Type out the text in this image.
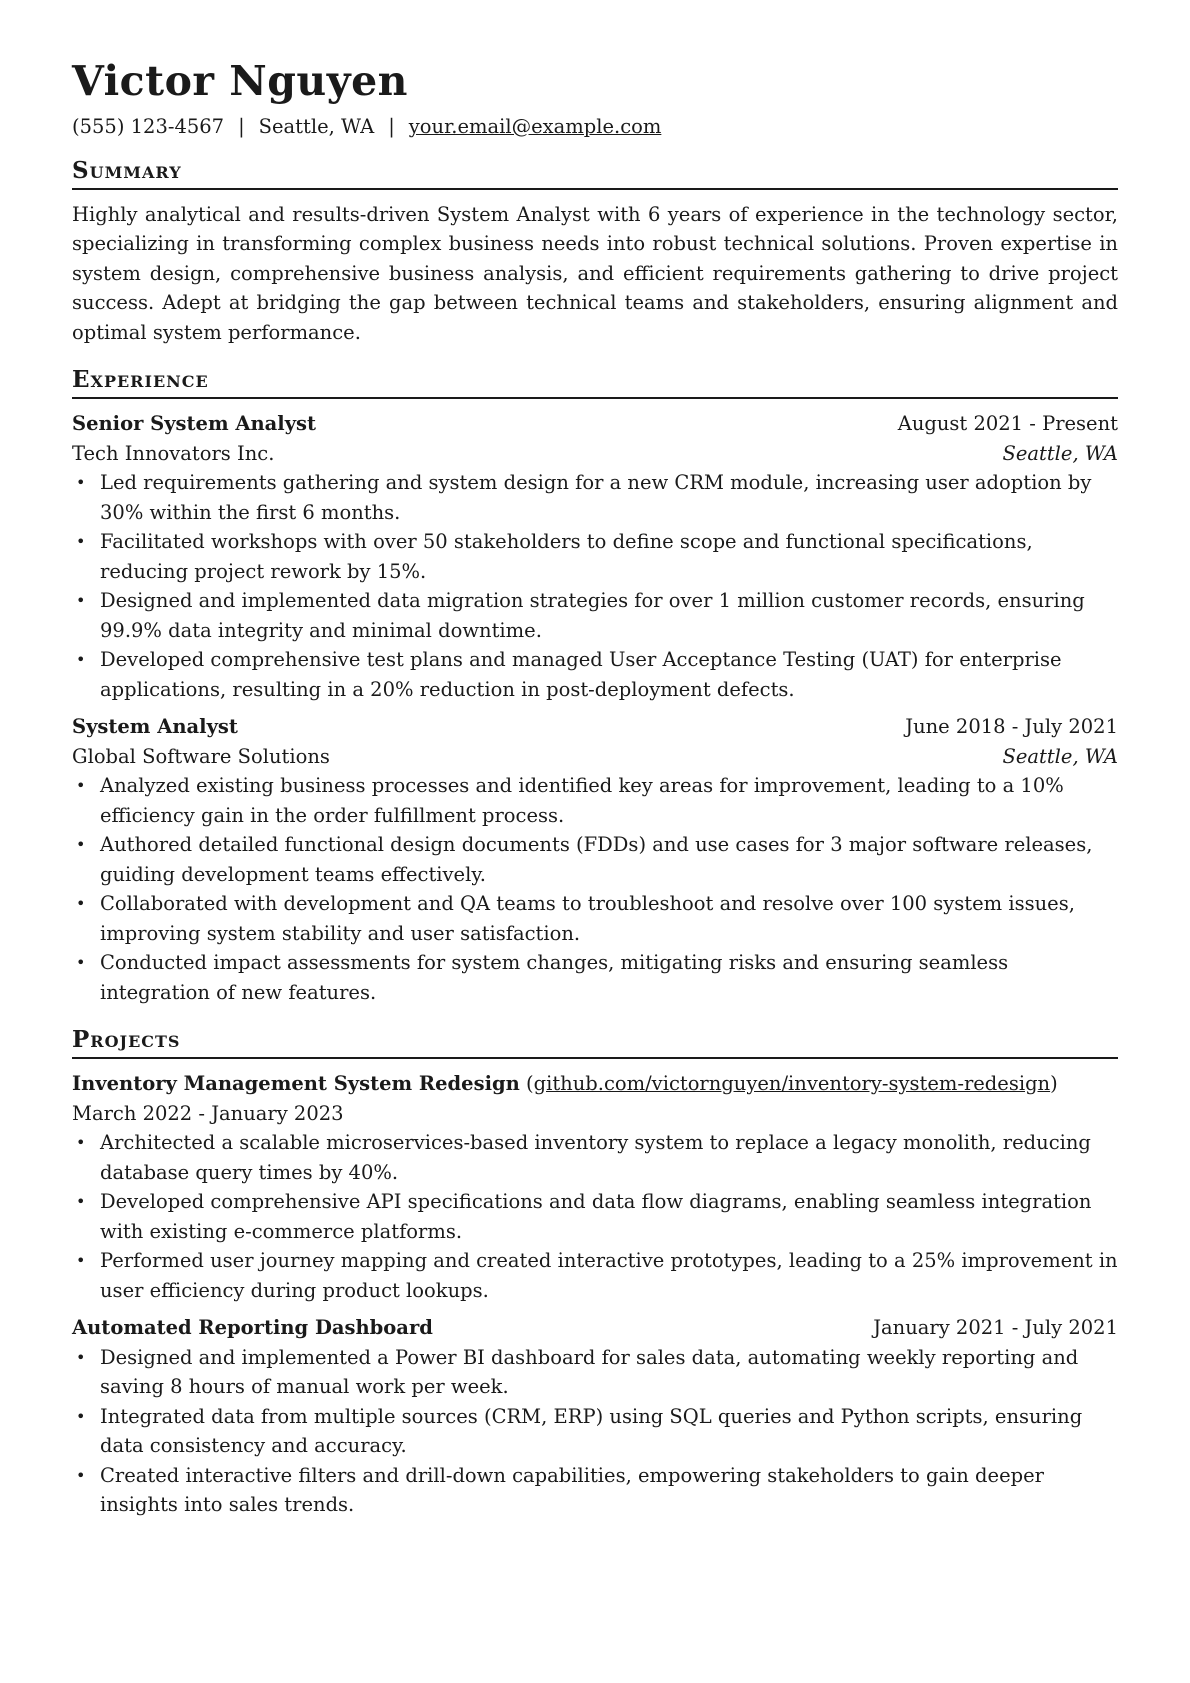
Victor Nguyen
(555) 123-4567 | Seattle, WA | your.email@example.com
Summary

Highly analytical and results-driven System Analyst with 6 years of experience in the technology sector, specializing in transforming complex business needs into robust technical solutions. Proven expertise in system design, comprehensive business analysis, and efficient requirements gathering to drive project success. Adept at bridging the gap between technical teams and stakeholders, ensuring alignment and optimal system performance.

Experience
Senior System Analyst	August 2021 - Present
Tech Innovators Inc.	Seattle, WA
• Led requirements gathering and system design for a new CRM module, increasing user adoption by 30% within the first 6 months.
• Facilitated workshops with over 50 stakeholders to define scope and functional specifications, reducing project rework by 15%.
• Designed and implemented data migration strategies for over 1 million customer records, ensuring 99.9% data integrity and minimal downtime.
• Developed comprehensive test plans and managed User Acceptance Testing (UAT) for enterprise applications, resulting in a 20% reduction in post-deployment defects.
System Analyst	June 2018 - July 2021
Global Software Solutions	Seattle, WA
• Analyzed existing business processes and identified key areas for improvement, leading to a 10% efficiency gain in the order fulfillment process.
• Authored detailed functional design documents (FDDs) and use cases for 3 major software releases, guiding development teams effectively.
• Collaborated with development and QA teams to troubleshoot and resolve over 100 system issues, improving system stability and user satisfaction.
• Conducted impact assessments for system changes, mitigating risks and ensuring seamless integration of new features.
Projects
Inventory Management System Redesign (github.com/victornguyen/inventory-system-redesign) March 2022 - January 2023
• Architected a scalable microservices-based inventory system to replace a legacy monolith, reducing database query times by 40%.
• Developed comprehensive API specifications and data flow diagrams, enabling seamless integration with existing e-commerce platforms.
• Performed user journey mapping and created interactive prototypes, leading to a 25% improvement in user efficiency during product lookups.
Automated Reporting Dashboard	January 2021 - July 2021
• Designed and implemented a Power BI dashboard for sales data, automating weekly reporting and saving 8 hours of manual work per week.
• Integrated data from multiple sources (CRM, ERP) using SQL queries and Python scripts, ensuring data consistency and accuracy.
• Created interactive filters and drill-down capabilities, empowering stakeholders to gain deeper insights into sales trends.
